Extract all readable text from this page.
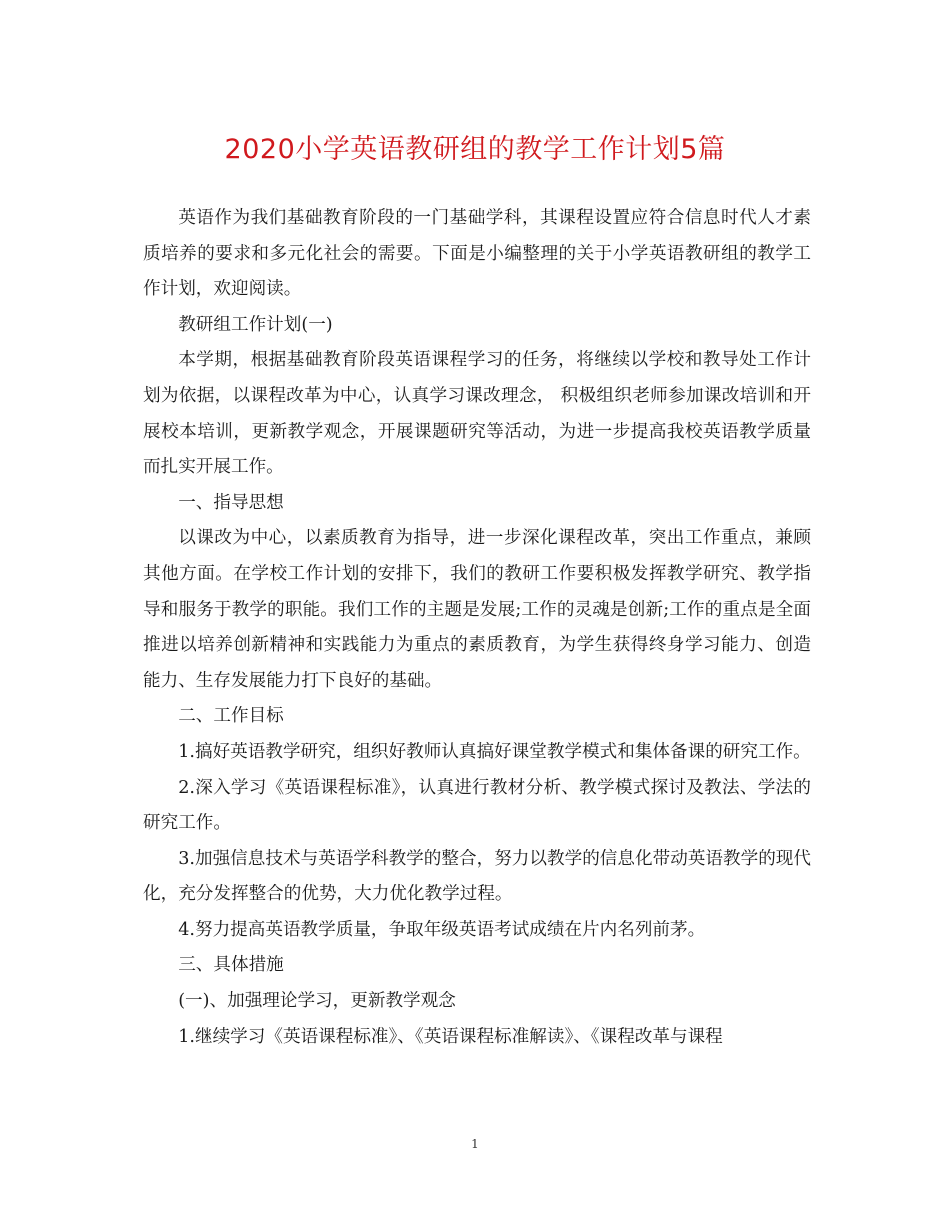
2020小学英语教研组的教学工作计划5篇

英语作为我们基础教育阶段的一门基础学科，其课程设置应符合信息时代人才素质培养的要求和多元化社会的需要。下面是小编整理的关于小学英语教研组的教学工作计划，欢迎阅读。

教研组工作计划(一)

本学期，根据基础教育阶段英语课程学习的任务，将继续以学校和教导处工作计划为依据，以课程改革为中心，认真学习课改理念， 积极组织老师参加课改培训和开展校本培训，更新教学观念，开展课题研究等活动，为进一步提高我校英语教学质量而扎实开展工作。

一、指导思想

以课改为中心，以素质教育为指导，进一步深化课程改革，突出工作重点，兼顾其他方面。在学校工作计划的安排下，我们的教研工作要积极发挥教学研究、教学指导和服务于教学的职能。我们工作的主题是发展;工作的灵魂是创新;工作的重点是全面推进以培养创新精神和实践能力为重点的素质教育，为学生获得终身学习能力、创造能力、生存发展能力打下良好的基础。

二、工作目标

1.搞好英语教学研究，组织好教师认真搞好课堂教学模式和集体备课的研究工作。

2.深入学习《英语课程标准》，认真进行教材分析、教学模式探讨及教法、学法的研究工作。

3.加强信息技术与英语学科教学的整合，努力以教学的信息化带动英语教学的现代化，充分发挥整合的优势，大力优化教学过程。

4.努力提高英语教学质量，争取年级英语考试成绩在片内名列前茅。

三、具体措施

(一)、加强理论学习，更新教学观念

1.继续学习《英语课程标准》、《英语课程标准解读》、《课程改革与课程

1
